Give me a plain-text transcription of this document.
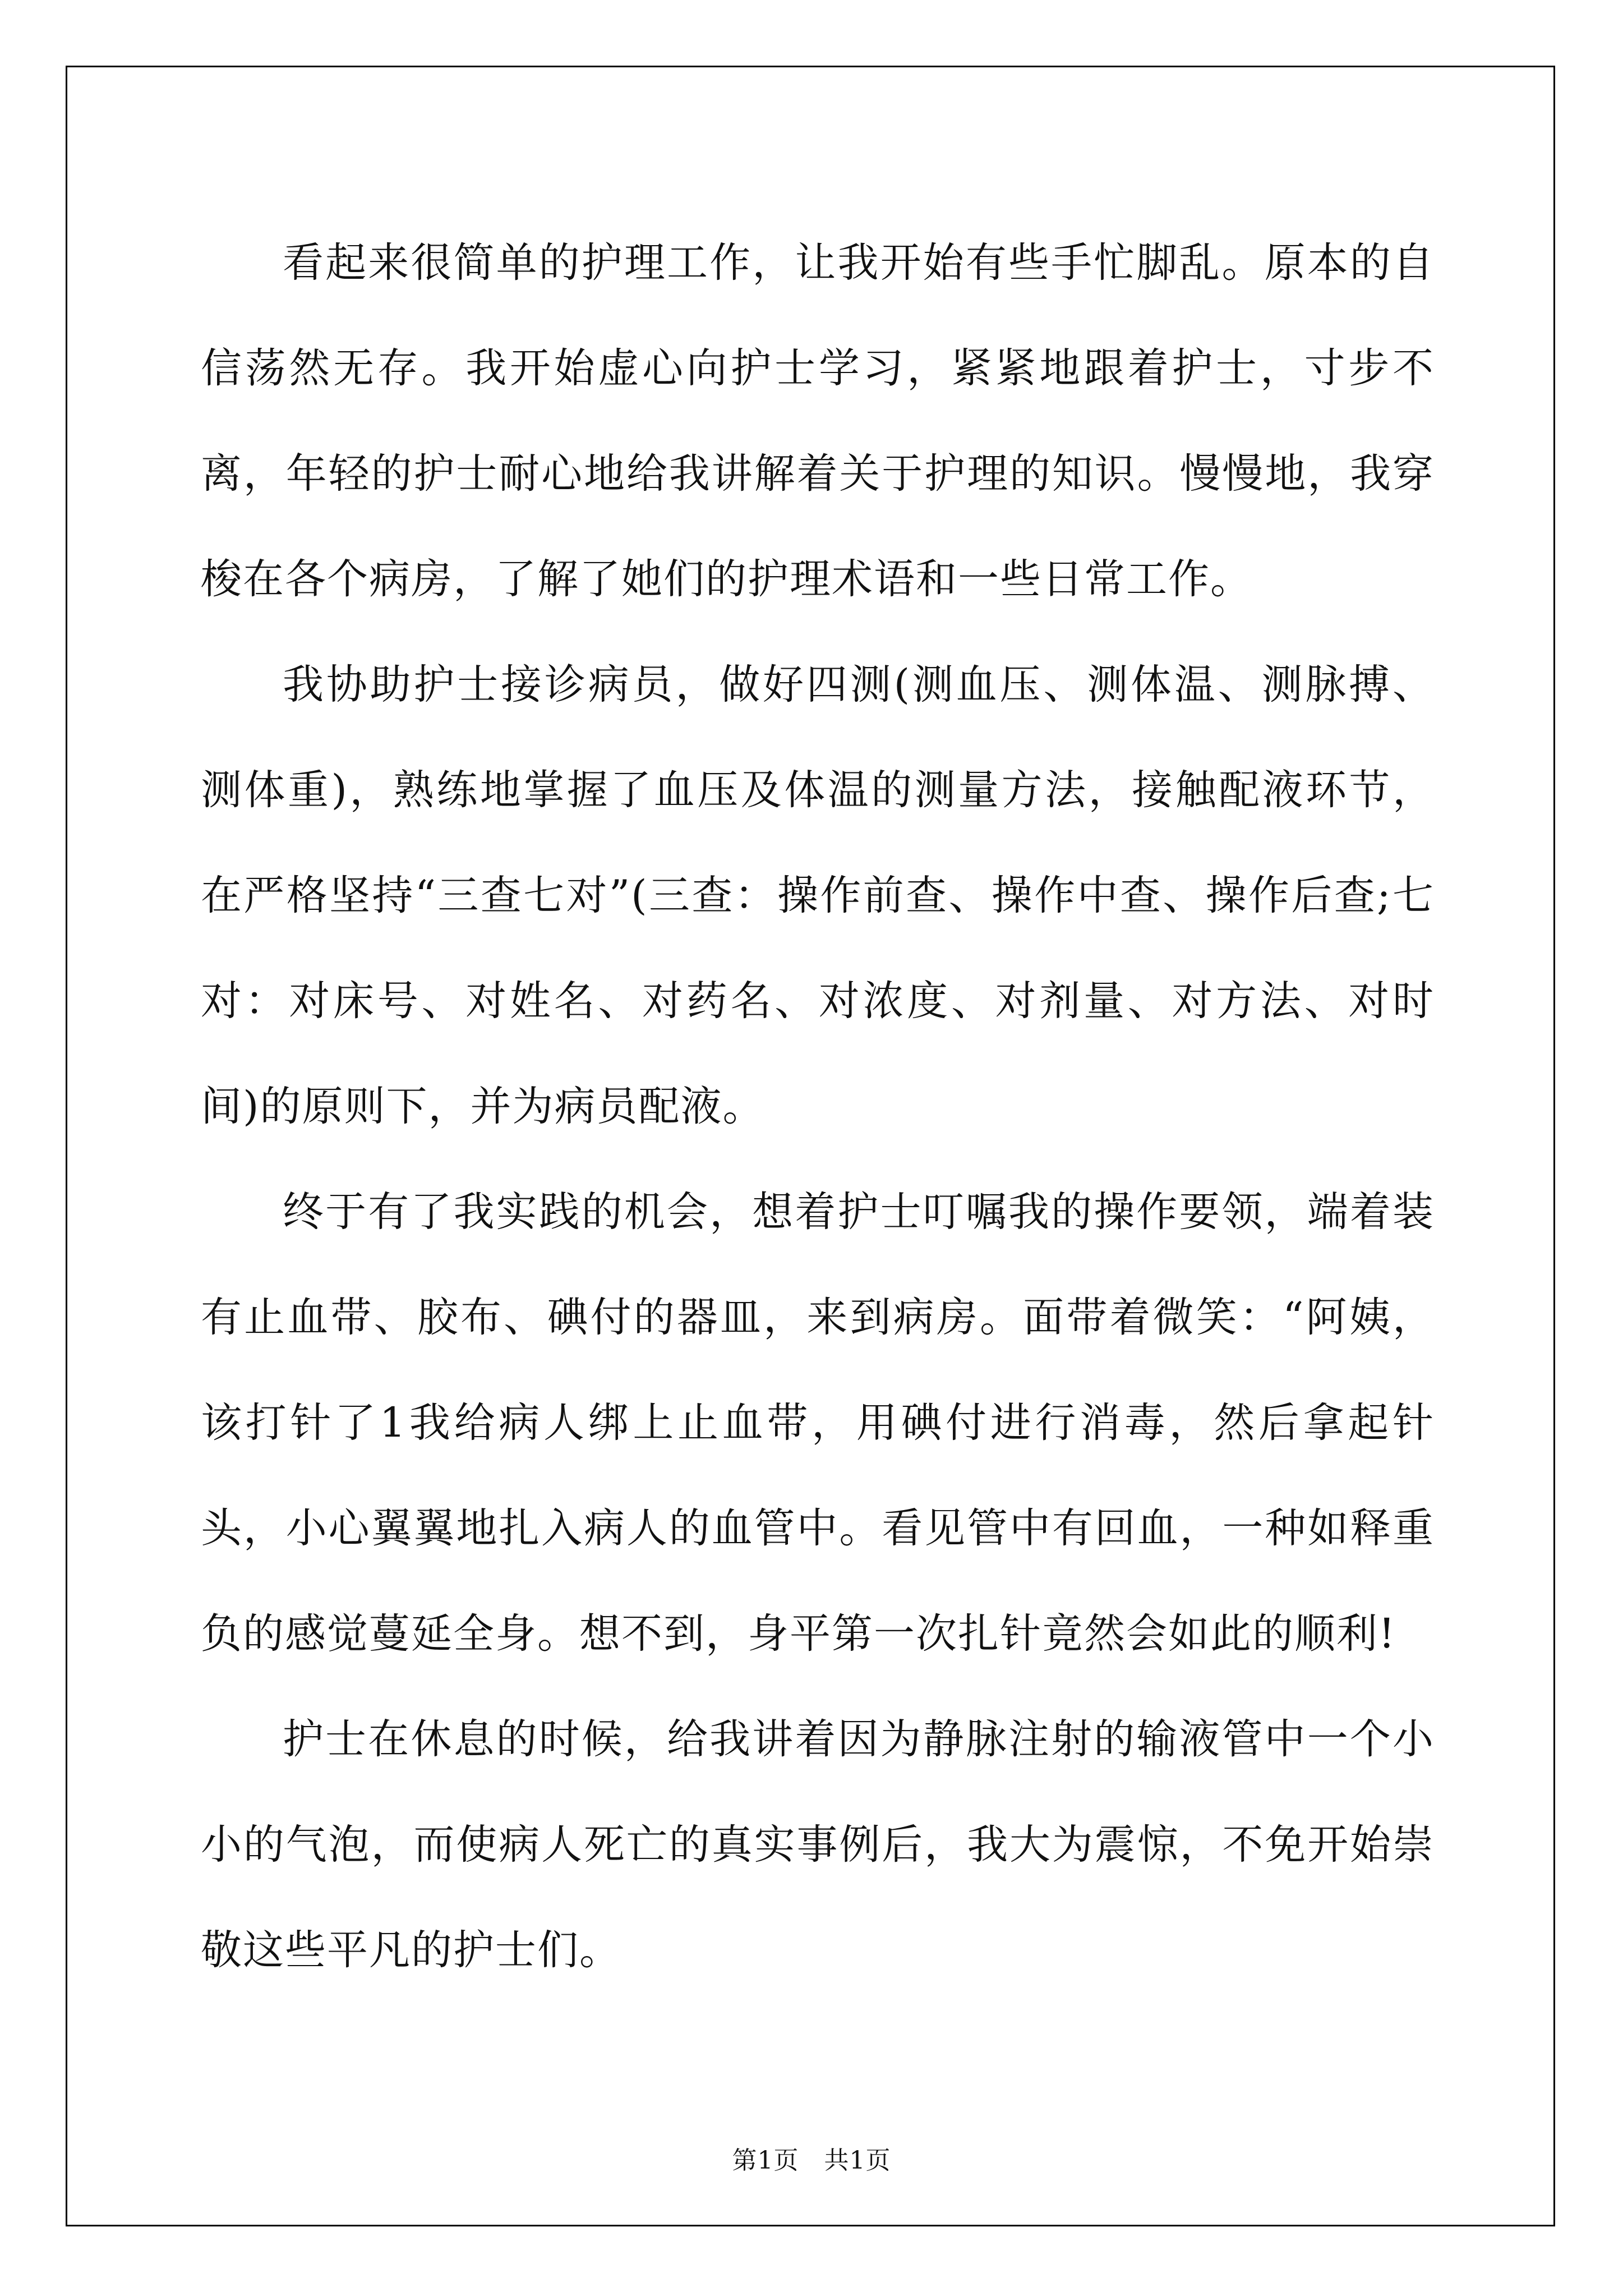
看起来很简单的护理工作，让我开始有些手忙脚乱。原本的自信荡然无存。我开始虚心向护士学习，紧紧地跟着护士，寸步不离，年轻的护士耐心地给我讲解着关于护理的知识。慢慢地，我穿梭在各个病房，了解了她们的护理术语和一些日常工作。

我协助护士接诊病员，做好四测(测血压、测体温、测脉搏、测体重)，熟练地掌握了血压及体温的测量方法，接触配液环节，在严格坚持“三查七对”(三查：操作前查、操作中查、操作后查;七对：对床号、对姓名、对药名、对浓度、对剂量、对方法、对时间)的原则下，并为病员配液。

终于有了我实践的机会，想着护士叮嘱我的操作要领，端着装有止血带、胶布、碘付的器皿，来到病房。面带着微笑：“阿姨，该打针了1我给病人绑上止血带，用碘付进行消毒，然后拿起针头，小心翼翼地扎入病人的血管中。看见管中有回血，一种如释重负的感觉蔓延全身。想不到，身平第一次扎针竟然会如此的顺利!

护士在休息的时候，给我讲着因为静脉注射的输液管中一个小小的气泡，而使病人死亡的真实事例后，我大为震惊，不免开始崇敬这些平凡的护士们。

第1页 共1页
